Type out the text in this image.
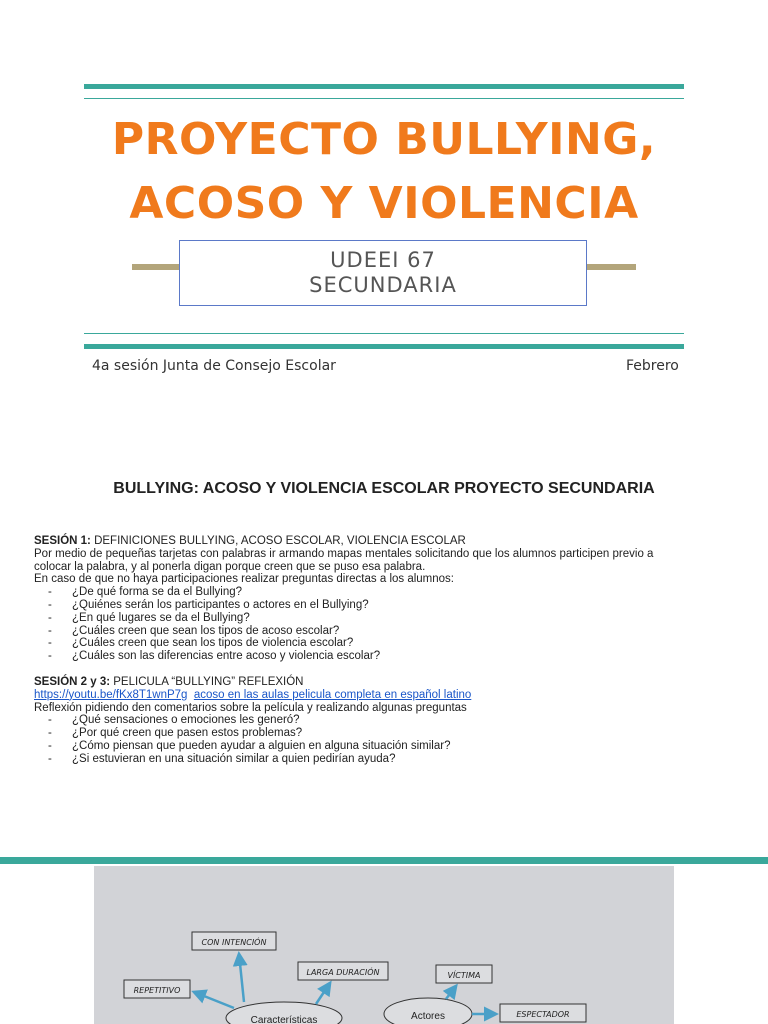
PROYECTO BULLYING,
ACOSO Y VIOLENCIA
UDEEI 67
SECUNDARIA
4a sesión Junta de Consejo Escolar	Febrero
BULLYING: ACOSO Y VIOLENCIA ESCOLAR PROYECTO SECUNDARIA

SESIÓN 1: DEFINICIONES BULLYING, ACOSO ESCOLAR, VIOLENCIA ESCOLAR

Por medio de pequeñas tarjetas con palabras ir armando mapas mentales solicitando que los alumnos participen previo a

colocar la palabra, y al ponerla digan porque creen que se puso esa palabra.

En caso de que no haya participaciones realizar preguntas directas a los alumnos:

- ¿De qué forma se da el Bullying?
- ¿Quiénes serán los participantes o actores en el Bullying?
- ¿En qué lugares se da el Bullying?
- ¿Cuáles creen que sean los tipos de acoso escolar?
- ¿Cuáles creen que sean los tipos de violencia escolar?
- ¿Cuáles son las diferencias entre acoso y violencia escolar?

SESIÓN 2 y 3: PELICULA “BULLYING” REFLEXIÓN

https://youtu.be/fKx8T1wnP7g acoso en las aulas pelicula completa en español latino

Reflexión pidiendo den comentarios sobre la película y realizando algunas preguntas

- ¿Qué sensaciones o emociones les generó?
- ¿Por qué creen que pasen estos problemas?
- ¿Cómo piensan que pueden ayudar a alguien en alguna situación similar?
- ¿Si estuvieran en una situación similar a quien pedirían ayuda?
CON INTENCIÓN
REPETITIVO
LARGA DURACIÓN	VÍCTIMA
ESPECTADOR
Características	Actores
